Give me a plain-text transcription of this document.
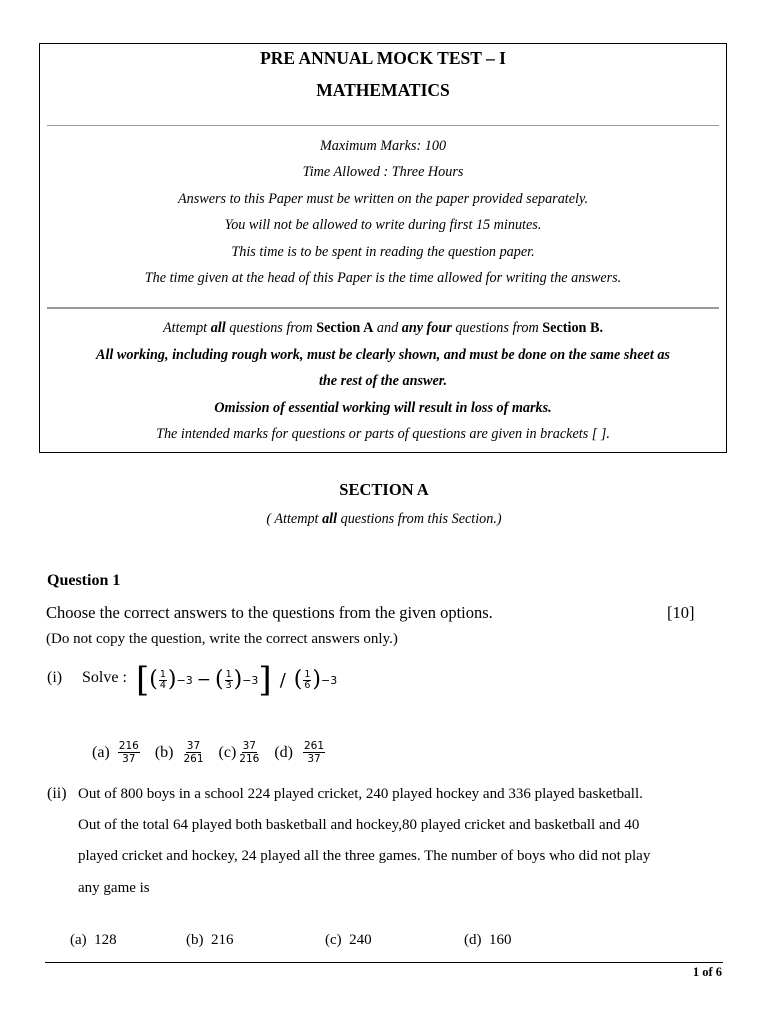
PRE ANNUAL MOCK TEST – I
MATHEMATICS
Maximum Marks: 100
Time Allowed : Three Hours
Answers to this Paper must be written on the paper provided separately.
You will not be allowed to write during first 15 minutes.
This time is to be spent in reading the question paper.
The time given at the head of this Paper is the time allowed for writing the answers.
Attempt all questions from Section A and any four questions from Section B.
All working, including rough work, must be clearly shown, and must be done on the same sheet as
the rest of the answer.
Omission of essential working will result in loss of marks.
The intended marks for questions or parts of questions are given in brackets [ ].
SECTION A
( Attempt all questions from this Section.)
Question 1
Choose the correct answers to the questions from the given options.	[10]
(Do not copy the question, write the correct answers only.)
(i) Solve : [ ( $\frac{1}{4}$ ) −3 − ( $\frac{1}{3}$ ) −3 ] / ( $\frac{1}{6}$ ) −3
$(a) \frac{216}{37} (b) \frac{37}{261} (c) \frac{37}{216} (d) \frac{261}{37}$
(ii) Out of 800 boys in a school 224 played cricket, 240 played hockey and 336 played basketball.
Out of the total 64 played both basketball and hockey,80 played cricket and basketball and 40
played cricket and hockey, 24 played all the three games. The number of boys who did not play
any game is
(a) 128	(b) 216	(c) 240	(d) 160
1 of 6
